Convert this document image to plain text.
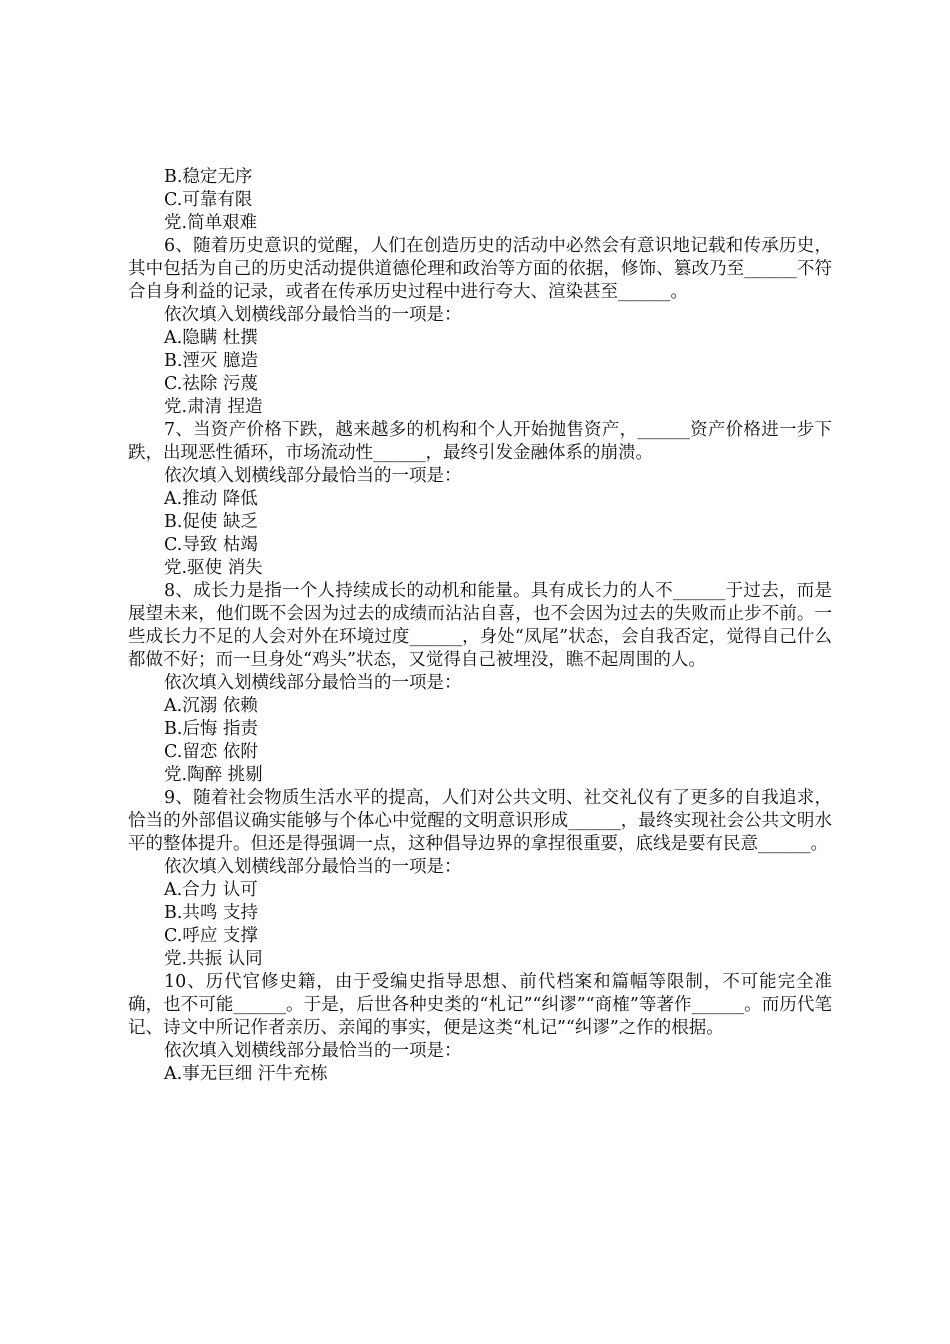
B.稳定无序
C.可靠有限
党.简单艰难

6、随着历史意识的觉醒，人们在创造历史的活动中必然会有意识地记载和传承历史，其中包括为自己的历史活动提供道德伦理和政治等方面的依据，修饰、篡改乃至______不符合自身利益的记录，或者在传承历史过程中进行夸大、渲染甚至______。

依次填入划横线部分最恰当的一项是：
A.隐瞒 杜撰
B.湮灭 臆造
C.祛除 污蔑
党.肃清 捏造

7、当资产价格下跌，越来越多的机构和个人开始抛售资产，______资产价格进一步下跌，出现恶性循环，市场流动性______，最终引发金融体系的崩溃。

依次填入划横线部分最恰当的一项是：
A.推动 降低
B.促使 缺乏
C.导致 枯竭
党.驱使 消失

8、成长力是指一个人持续成长的动机和能量。具有成长力的人不______于过去，而是展望未来，他们既不会因为过去的成绩而沾沾自喜，也不会因为过去的失败而止步不前。一些成长力不足的人会对外在环境过度______，身处“凤尾”状态，会自我否定，觉得自己什么都做不好；而一旦身处“鸡头”状态，又觉得自己被埋没，瞧不起周围的人。

依次填入划横线部分最恰当的一项是：
A.沉溺 依赖
B.后悔 指责
C.留恋 依附
党.陶醉 挑剔

9、随着社会物质生活水平的提高，人们对公共文明、社交礼仪有了更多的自我追求，恰当的外部倡议确实能够与个体心中觉醒的文明意识形成______，最终实现社会公共文明水平的整体提升。但还是得强调一点，这种倡导边界的拿捏很重要，底线是要有民意______。

依次填入划横线部分最恰当的一项是：
A.合力 认可
B.共鸣 支持
C.呼应 支撑
党.共振 认同

10、历代官修史籍，由于受编史指导思想、前代档案和篇幅等限制，不可能完全准确，也不可能______。于是，后世各种史类的“札记”“纠谬”“商榷”等著作______。而历代笔记、诗文中所记作者亲历、亲闻的事实，便是这类“札记”“纠谬”之作的根据。

依次填入划横线部分最恰当的一项是：
A.事无巨细 汗牛充栋
